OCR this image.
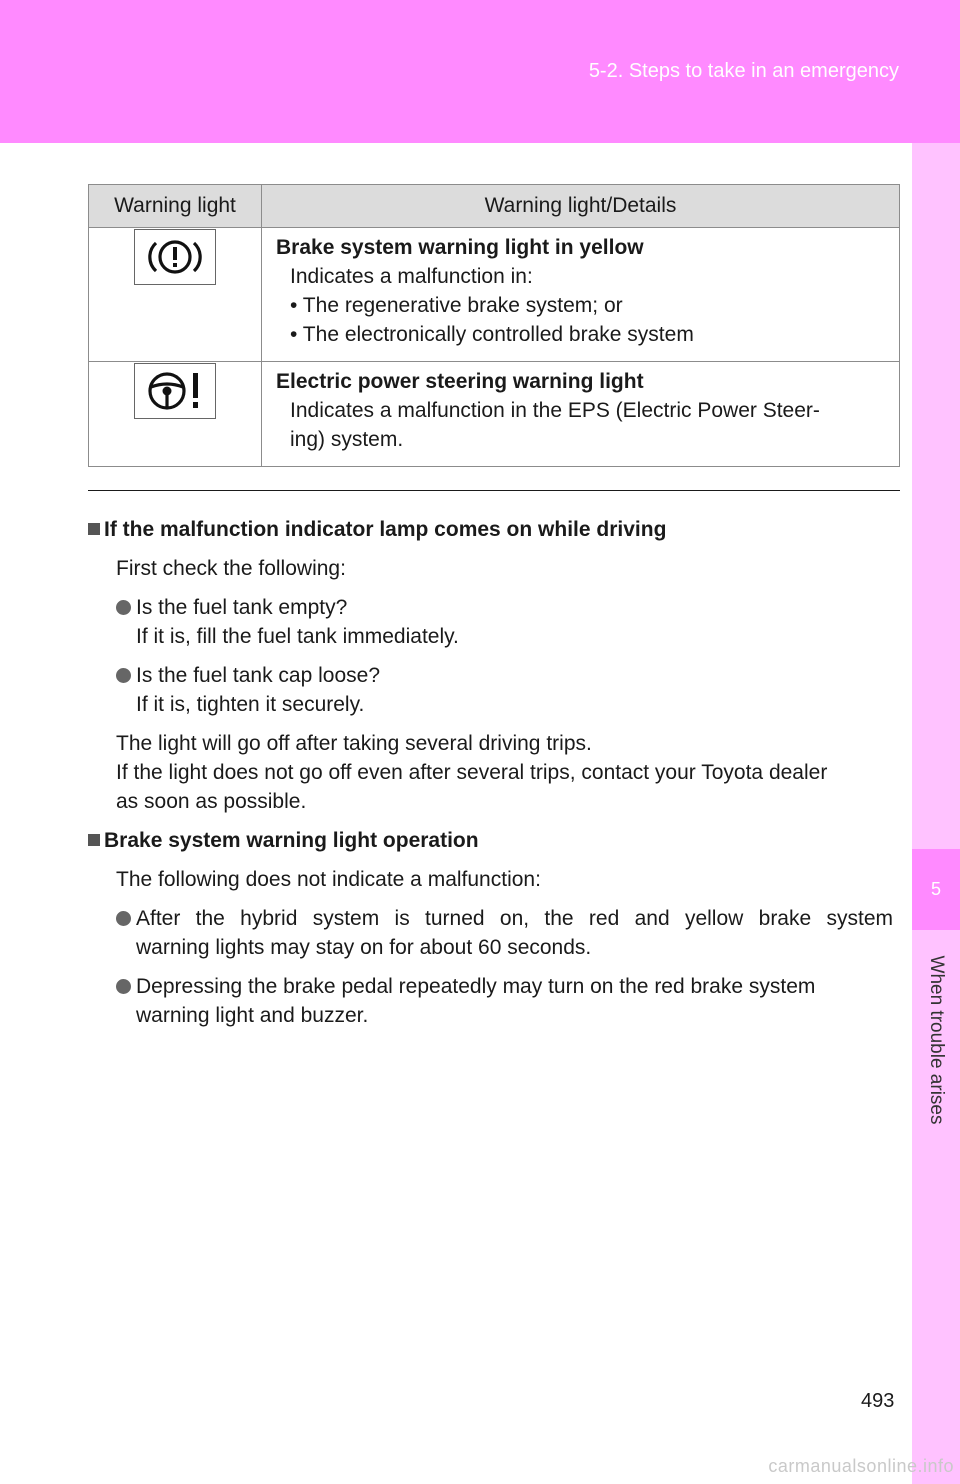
5-2. Steps to take in an emergency
5
When trouble arises
Warning light	Warning light/Details

Brake system warning light in yellow
Indicates a malfunction in:
• The regenerative brake system; or
• The electronically controlled brake system

Electric power steering warning light
Indicates a malfunction in the EPS (Electric Power Steer-
ing) system.

If the malfunction indicator lamp comes on while driving

First check the following:

Is the fuel tank empty?
If it is, fill the fuel tank immediately.
Is the fuel tank cap loose?
If it is, tighten it securely.
The light will go off after taking several driving trips.
If the light does not go off even after several trips, contact your Toyota dealer
as soon as possible.

Brake system warning light operation

The following does not indicate a malfunction:

After the hybrid system is turned on, the red and yellow brake system
warning lights may stay on for about 60 seconds.
Depressing the brake pedal repeatedly may turn on the red brake system
warning light and buzzer.
493
carmanualsonline.info
